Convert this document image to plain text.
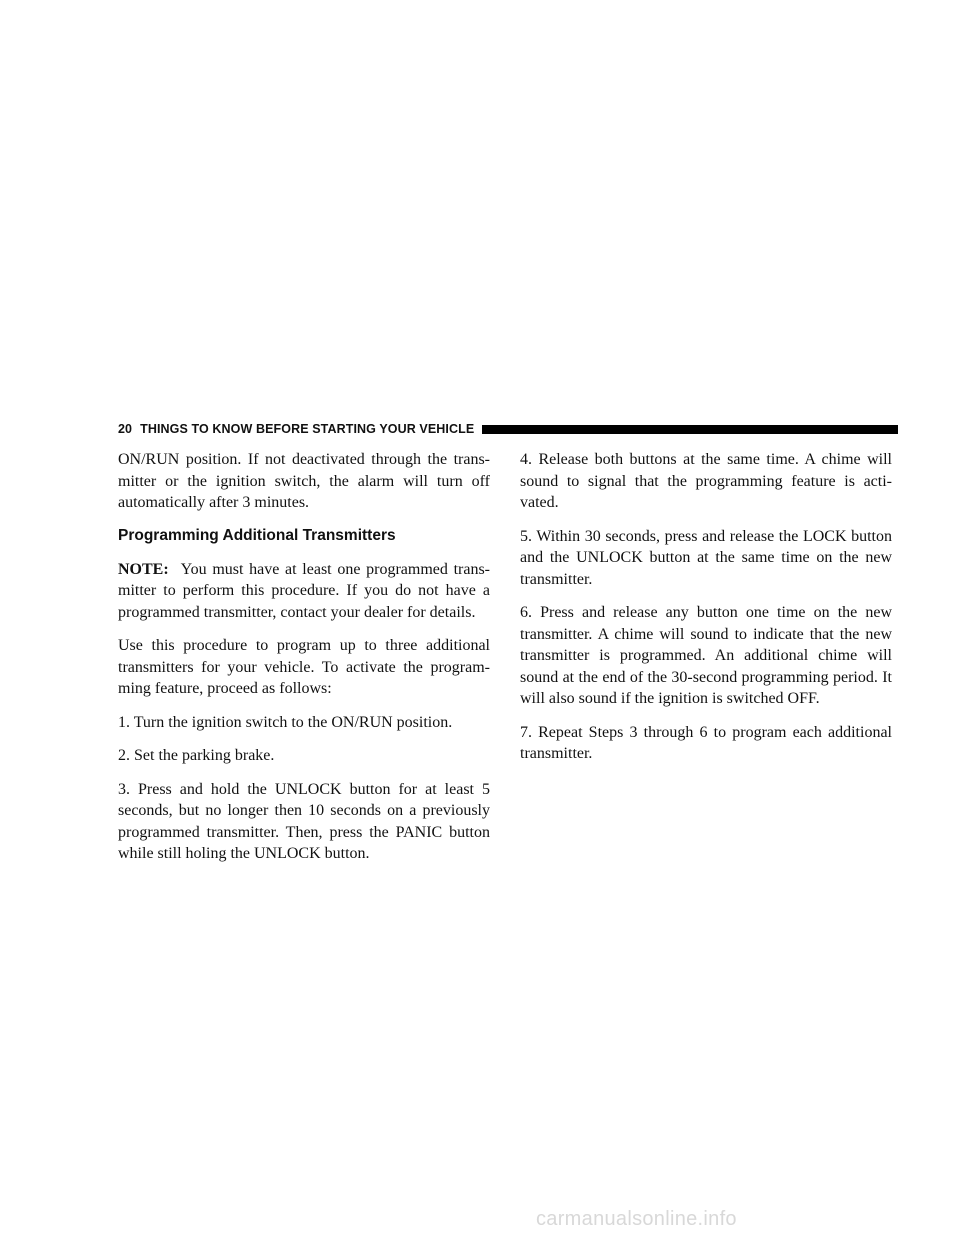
20 THINGS TO KNOW BEFORE STARTING YOUR VEHICLE

ON/RUN position. If not deactivated through the trans-mitter or the ignition switch, the alarm will turn off automatically after 3 minutes.

Programming Additional Transmitters

NOTE: You must have at least one programmed trans-mitter to perform this procedure. If you do not have a programmed transmitter, contact your dealer for details.

Use this procedure to program up to three additional transmitters for your vehicle. To activate the program-ming feature, proceed as follows:

1. Turn the ignition switch to the ON/RUN position.

2. Set the parking brake.

3. Press and hold the UNLOCK button for at least 5 seconds, but no longer then 10 seconds on a previously programmed transmitter. Then, press the PANIC button while still holing the UNLOCK button.

4. Release both buttons at the same time. A chime will sound to signal that the programming feature is acti-vated.

5. Within 30 seconds, press and release the LOCK button and the UNLOCK button at the same time on the new transmitter.

6. Press and release any button one time on the new transmitter. A chime will sound to indicate that the new transmitter is programmed. An additional chime will sound at the end of the 30-second programming period. It will also sound if the ignition is switched OFF.

7. Repeat Steps 3 through 6 to program each additional transmitter.

carmanualsonline.info
